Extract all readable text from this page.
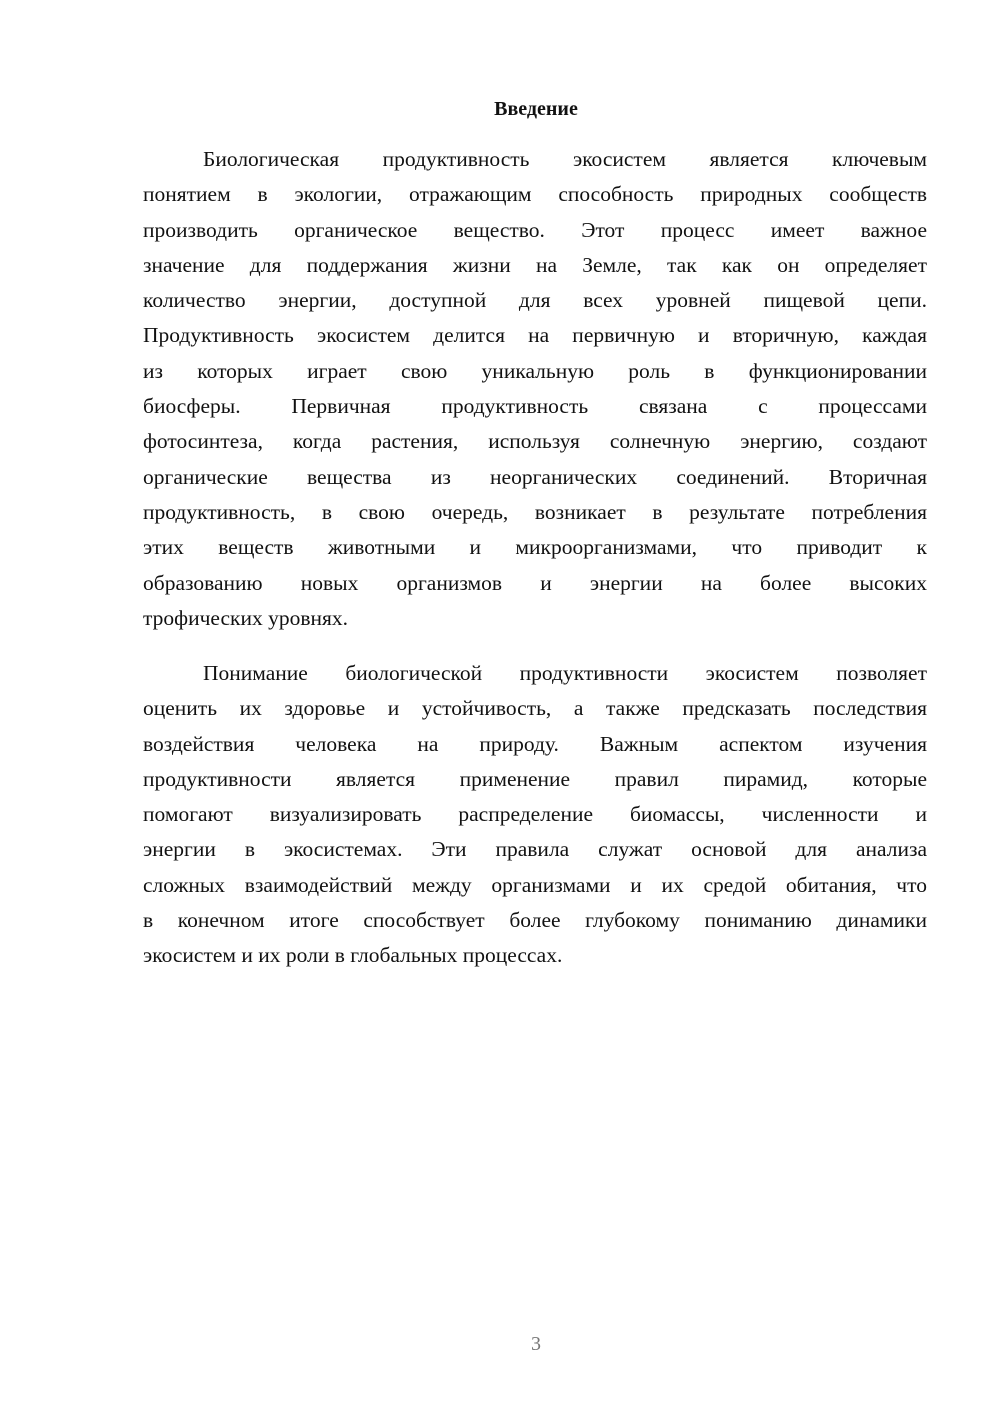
Введение
Биологическая продуктивность экосистем является ключевым
понятием в экологии, отражающим способность природных сообществ
производить органическое вещество. Этот процесс имеет важное
значение для поддержания жизни на Земле, так как он определяет
количество энергии, доступной для всех уровней пищевой цепи.
Продуктивность экосистем делится на первичную и вторичную, каждая
из которых играет свою уникальную роль в функционировании
биосферы. Первичная продуктивность связана с процессами
фотосинтеза, когда растения, используя солнечную энергию, создают
органические вещества из неорганических соединений. Вторичная
продуктивность, в свою очередь, возникает в результате потребления
этих веществ животными и микроорганизмами, что приводит к
образованию новых организмов и энергии на более высоких
трофических уровнях.
Понимание биологической продуктивности экосистем позволяет
оценить их здоровье и устойчивость, а также предсказать последствия
воздействия человека на природу. Важным аспектом изучения
продуктивности является применение правил пирамид, которые
помогают визуализировать распределение биомассы, численности и
энергии в экосистемах. Эти правила служат основой для анализа
сложных взаимодействий между организмами и их средой обитания, что
в конечном итоге способствует более глубокому пониманию динамики
экосистем и их роли в глобальных процессах.
3
